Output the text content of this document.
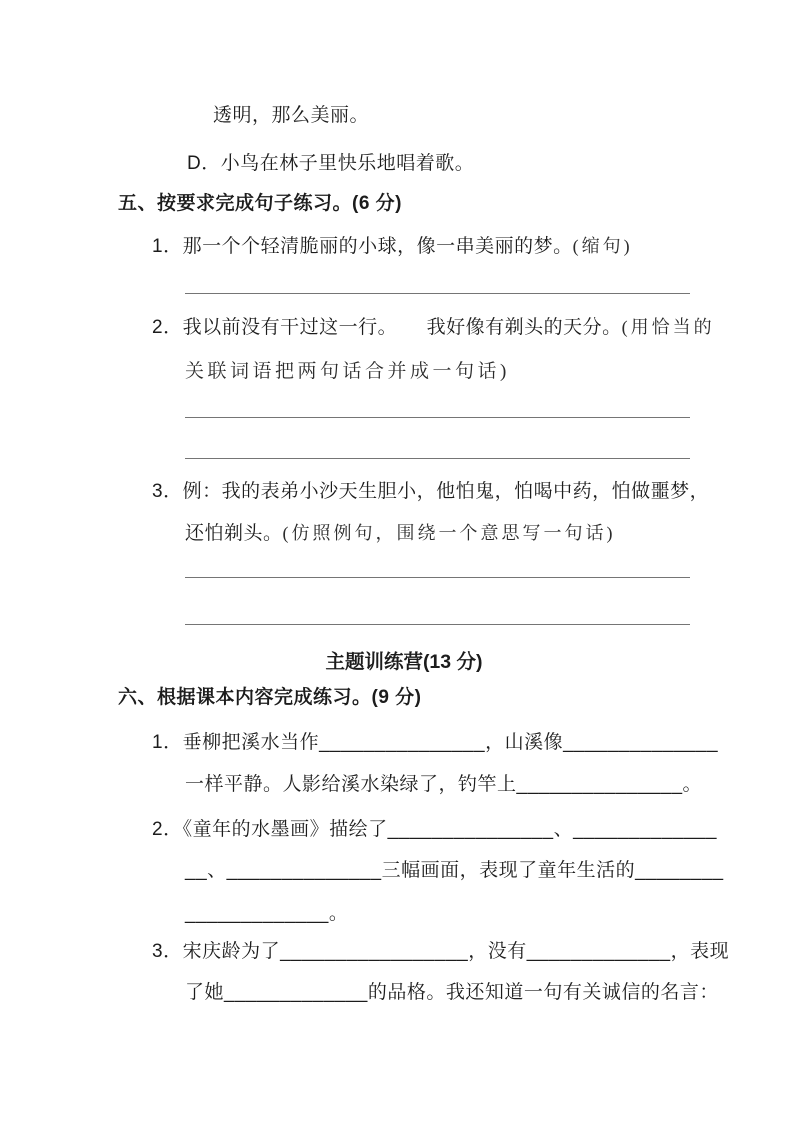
透明，那么美丽。
D．小鸟在林子里快乐地唱着歌。
五、按要求完成句子练习。(6 分)
1．那一个个轻清脆丽的小球，像一串美丽的梦。(缩句)
2．我以前没有干过这一行。　　我好像有剃头的天分。(用恰当的
关联词语把两句话合并成一句话)
3．例：我的表弟小沙天生胆小，他怕鬼，怕喝中药，怕做噩梦，
还怕剃头。(仿照例句，围绕一个意思写一句话)
主题训练营(13 分)
六、根据课本内容完成练习。(9 分)
1．垂柳把溪水当作_______________，山溪像______________
一样平静。人影给溪水染绿了，钓竿上_______________。
2．《童年的水墨画》描绘了_______________、_____________
__、______________三幅画面，表现了童年生活的________
_____________。
3．宋庆龄为了_________________，没有_____________，表现
了她_____________的品格。我还知道一句有关诚信的名言：
